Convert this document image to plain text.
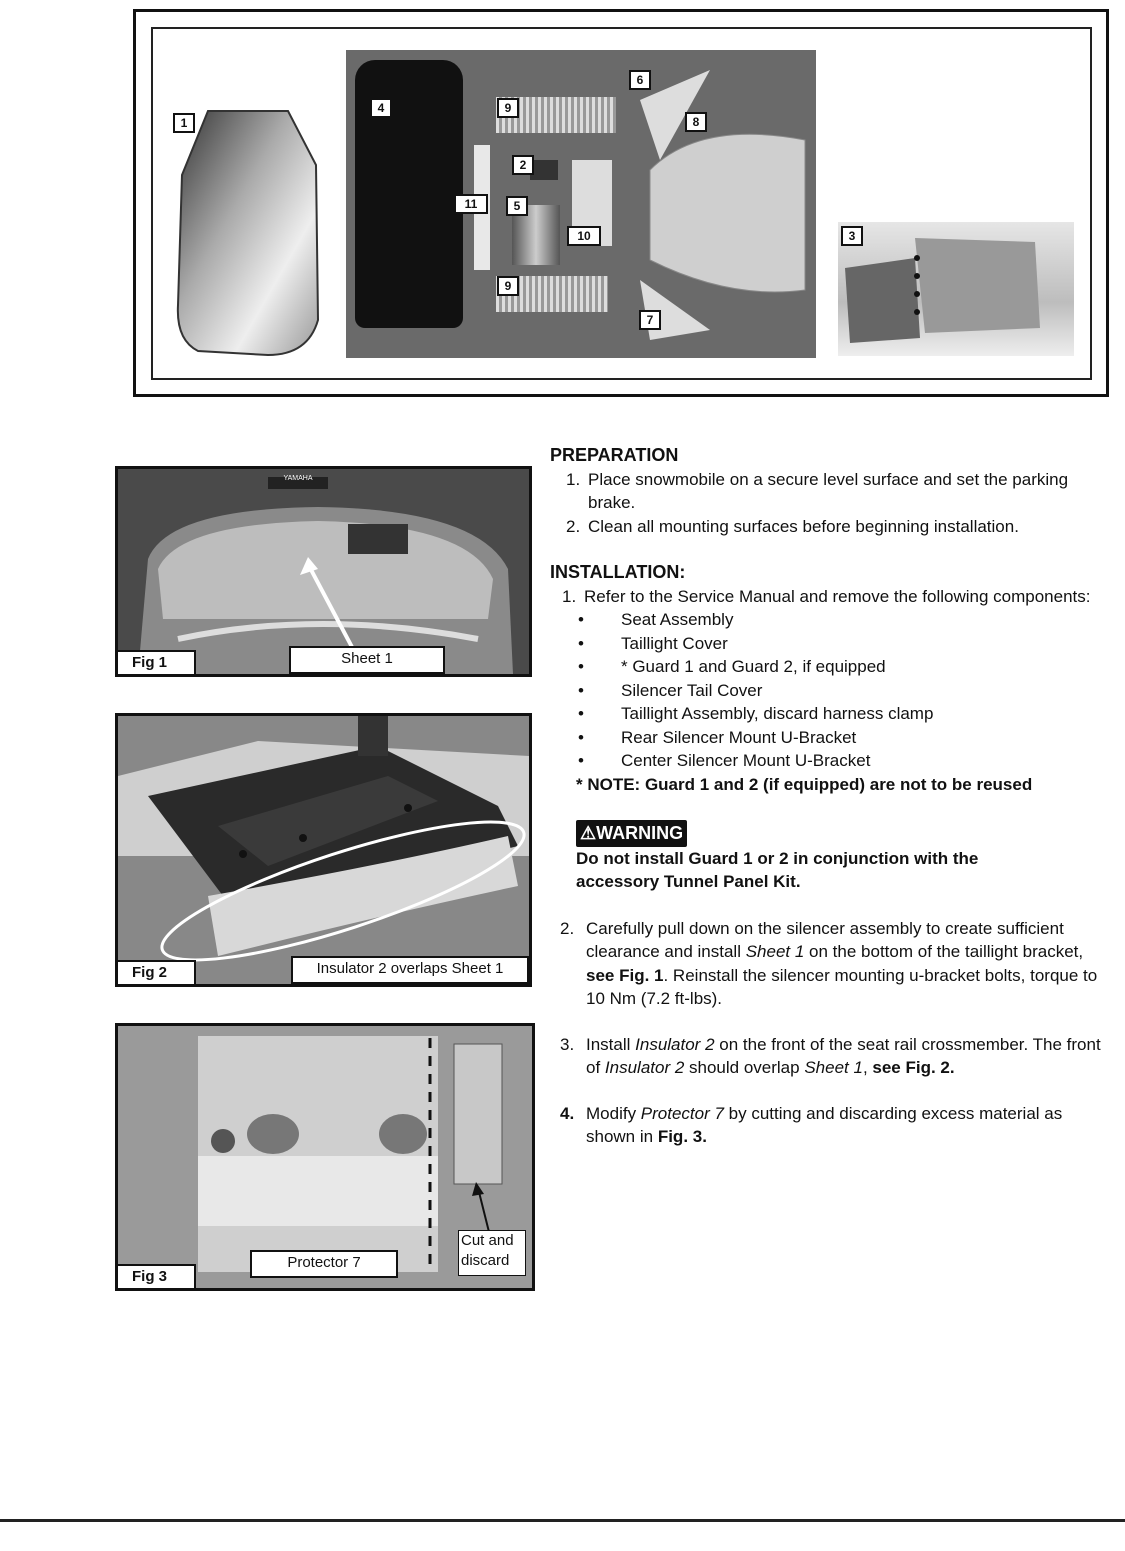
1
4	9
2
11	5
10
9
6
8
7
3
YAMAHA
Fig 1	Sheet 1
Fig 2	Insulator 2 overlaps Sheet 1
Fig 3
Protector 7
Cut and
discard
PREPARATION
1. Place snowmobile on a secure level surface and set the parking brake.
2. Clean all mounting surfaces before beginning installation.
INSTALLATION:
1. Refer to the Service Manual and remove the following components:
• Seat Assembly
• Taillight Cover
• * Guard 1 and Guard 2, if equipped
• Silencer Tail Cover
• Taillight Assembly, discard harness clamp
• Rear Silencer Mount U-Bracket
• Center Silencer Mount U-Bracket
* NOTE: Guard 1 and 2 (if equipped) are not to be reused
⚠WARNING
Do not install Guard 1 or 2 in conjunction with the accessory Tunnel Panel Kit.
2. Carefully pull down on the silencer assembly to create sufficient clearance and install Sheet 1 on the bottom of the taillight bracket, see Fig. 1. Reinstall the silencer mounting u-bracket bolts, torque to 10 Nm (7.2 ft-lbs).
3. Install Insulator 2 on the front of the seat rail crossmember. The front of Insulator 2 should overlap Sheet 1, see Fig. 2.
4. Modify Protector 7 by cutting and discarding excess material as shown in Fig. 3.
